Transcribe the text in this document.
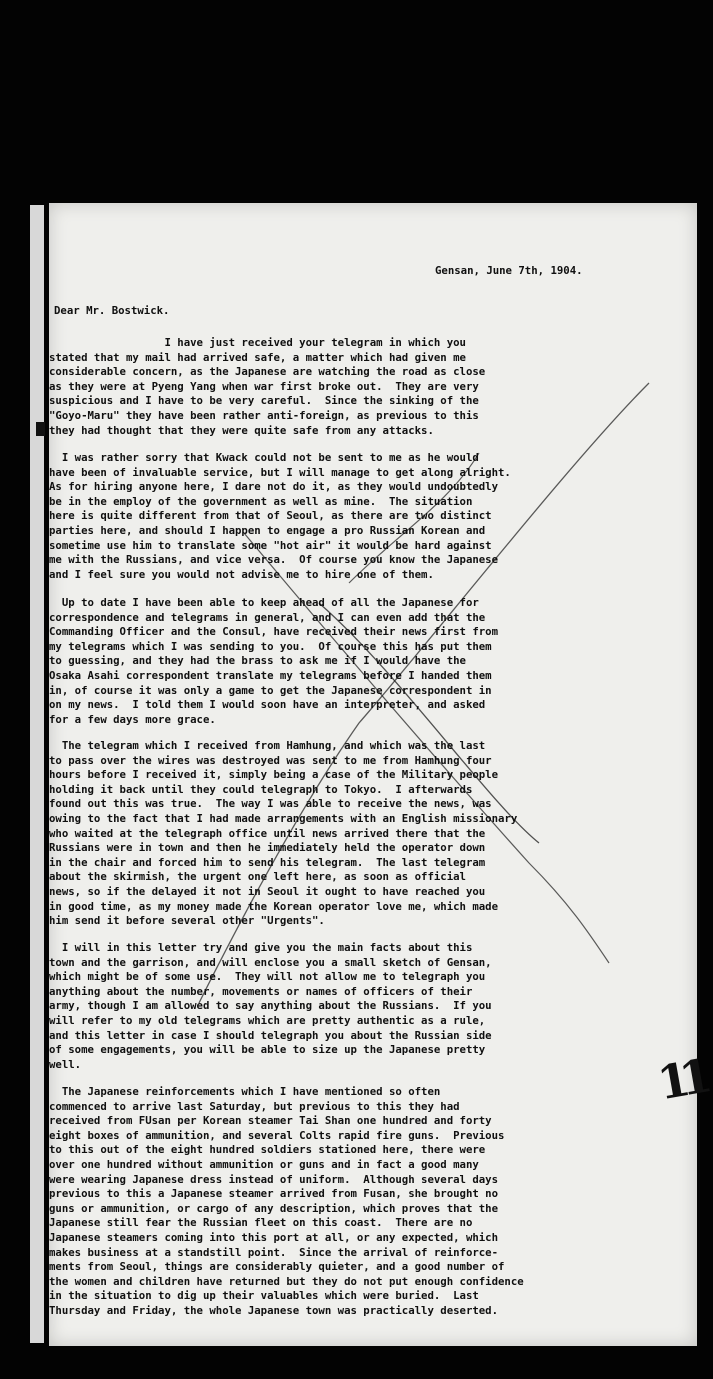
Gensan, June 7th, 1904.
Dear Mr. Bostwick.
I have just received your telegram in which you
stated that my mail had arrived safe, a matter which had given me
considerable concern, as the Japanese are watching the road as close
as they were at Pyeng Yang when war first broke out.  They are very
suspicious and I have to be very careful.  Since the sinking of the
"Goyo-Maru" they have been rather anti-foreign, as previous to this
they had thought that they were quite safe from any attacks.
I was rather sorry that Kwack could not be sent to me as he would
have been of invaluable service, but I will manage to get along alright.
As for hiring anyone here, I dare not do it, as they would undoubtedly
be in the employ of the government as well as mine.  The situation
here is quite different from that of Seoul, as there are two distinct
parties here, and should I happen to engage a pro Russian Korean and
sometime use him to translate some "hot air" it would be hard against
me with the Russians, and vice versa.  Of course you know the Japanese
and I feel sure you would not advise me to hire one of them.
Up to date I have been able to keep ahead of all the Japanese for
correspondence and telegrams in general, and I can even add that the
Commanding Officer and the Consul, have received their news first from
my telegrams which I was sending to you.  Of course this has put them
to guessing, and they had the brass to ask me if I would have the
Osaka Asahi correspondent translate my telegrams before I handed them
in, of course it was only a game to get the Japanese correspondent in
on my news.  I told them I would soon have an interpreter, and asked
for a few days more grace.
The telegram which I received from Hamhung, and which was the last
to pass over the wires was destroyed was sent to me from Hamhung four
hours before I received it, simply being a case of the Military people
holding it back until they could telegraph to Tokyo.  I afterwards
found out this was true.  The way I was able to receive the news, was
owing to the fact that I had made arrangements with an English missionary
who waited at the telegraph office until news arrived there that the
Russians were in town and then he immediately held the operator down
in the chair and forced him to send his telegram.  The last telegram
about the skirmish, the urgent one left here, as soon as official
news, so if the delayed it not in Seoul it ought to have reached you
in good time, as my money made the Korean operator love me, which made
him send it before several other "Urgents".
I will in this letter try and give you the main facts about this
town and the garrison, and will enclose you a small sketch of Gensan,
which might be of some use.  They will not allow me to telegraph you
anything about the number, movements or names of officers of their
army, though I am allowed to say anything about the Russians.  If you
will refer to my old telegrams which are pretty authentic as a rule,
and this letter in case I should telegraph you about the Russian side
of some engagements, you will be able to size up the Japanese pretty
well.
The Japanese reinforcements which I have mentioned so often
commenced to arrive last Saturday, but previous to this they had
received from FUsan per Korean steamer Tai Shan one hundred and forty
eight boxes of ammunition, and several Colts rapid fire guns.  Previous
to this out of the eight hundred soldiers stationed here, there were
over one hundred without ammunition or guns and in fact a good many
were wearing Japanese dress instead of uniform.  Although several days
previous to this a Japanese steamer arrived from Fusan, she brought no
guns or ammunition, or cargo of any description, which proves that the
Japanese still fear the Russian fleet on this coast.  There are no
Japanese steamers coming into this port at all, or any expected, which
makes business at a standstill point.  Since the arrival of reinforce-
ments from Seoul, things are considerably quieter, and a good number of
the women and children have returned but they do not put enough confidence
in the situation to dig up their valuables which were buried.  Last
Thursday and Friday, the whole Japanese town was practically deserted.
11
